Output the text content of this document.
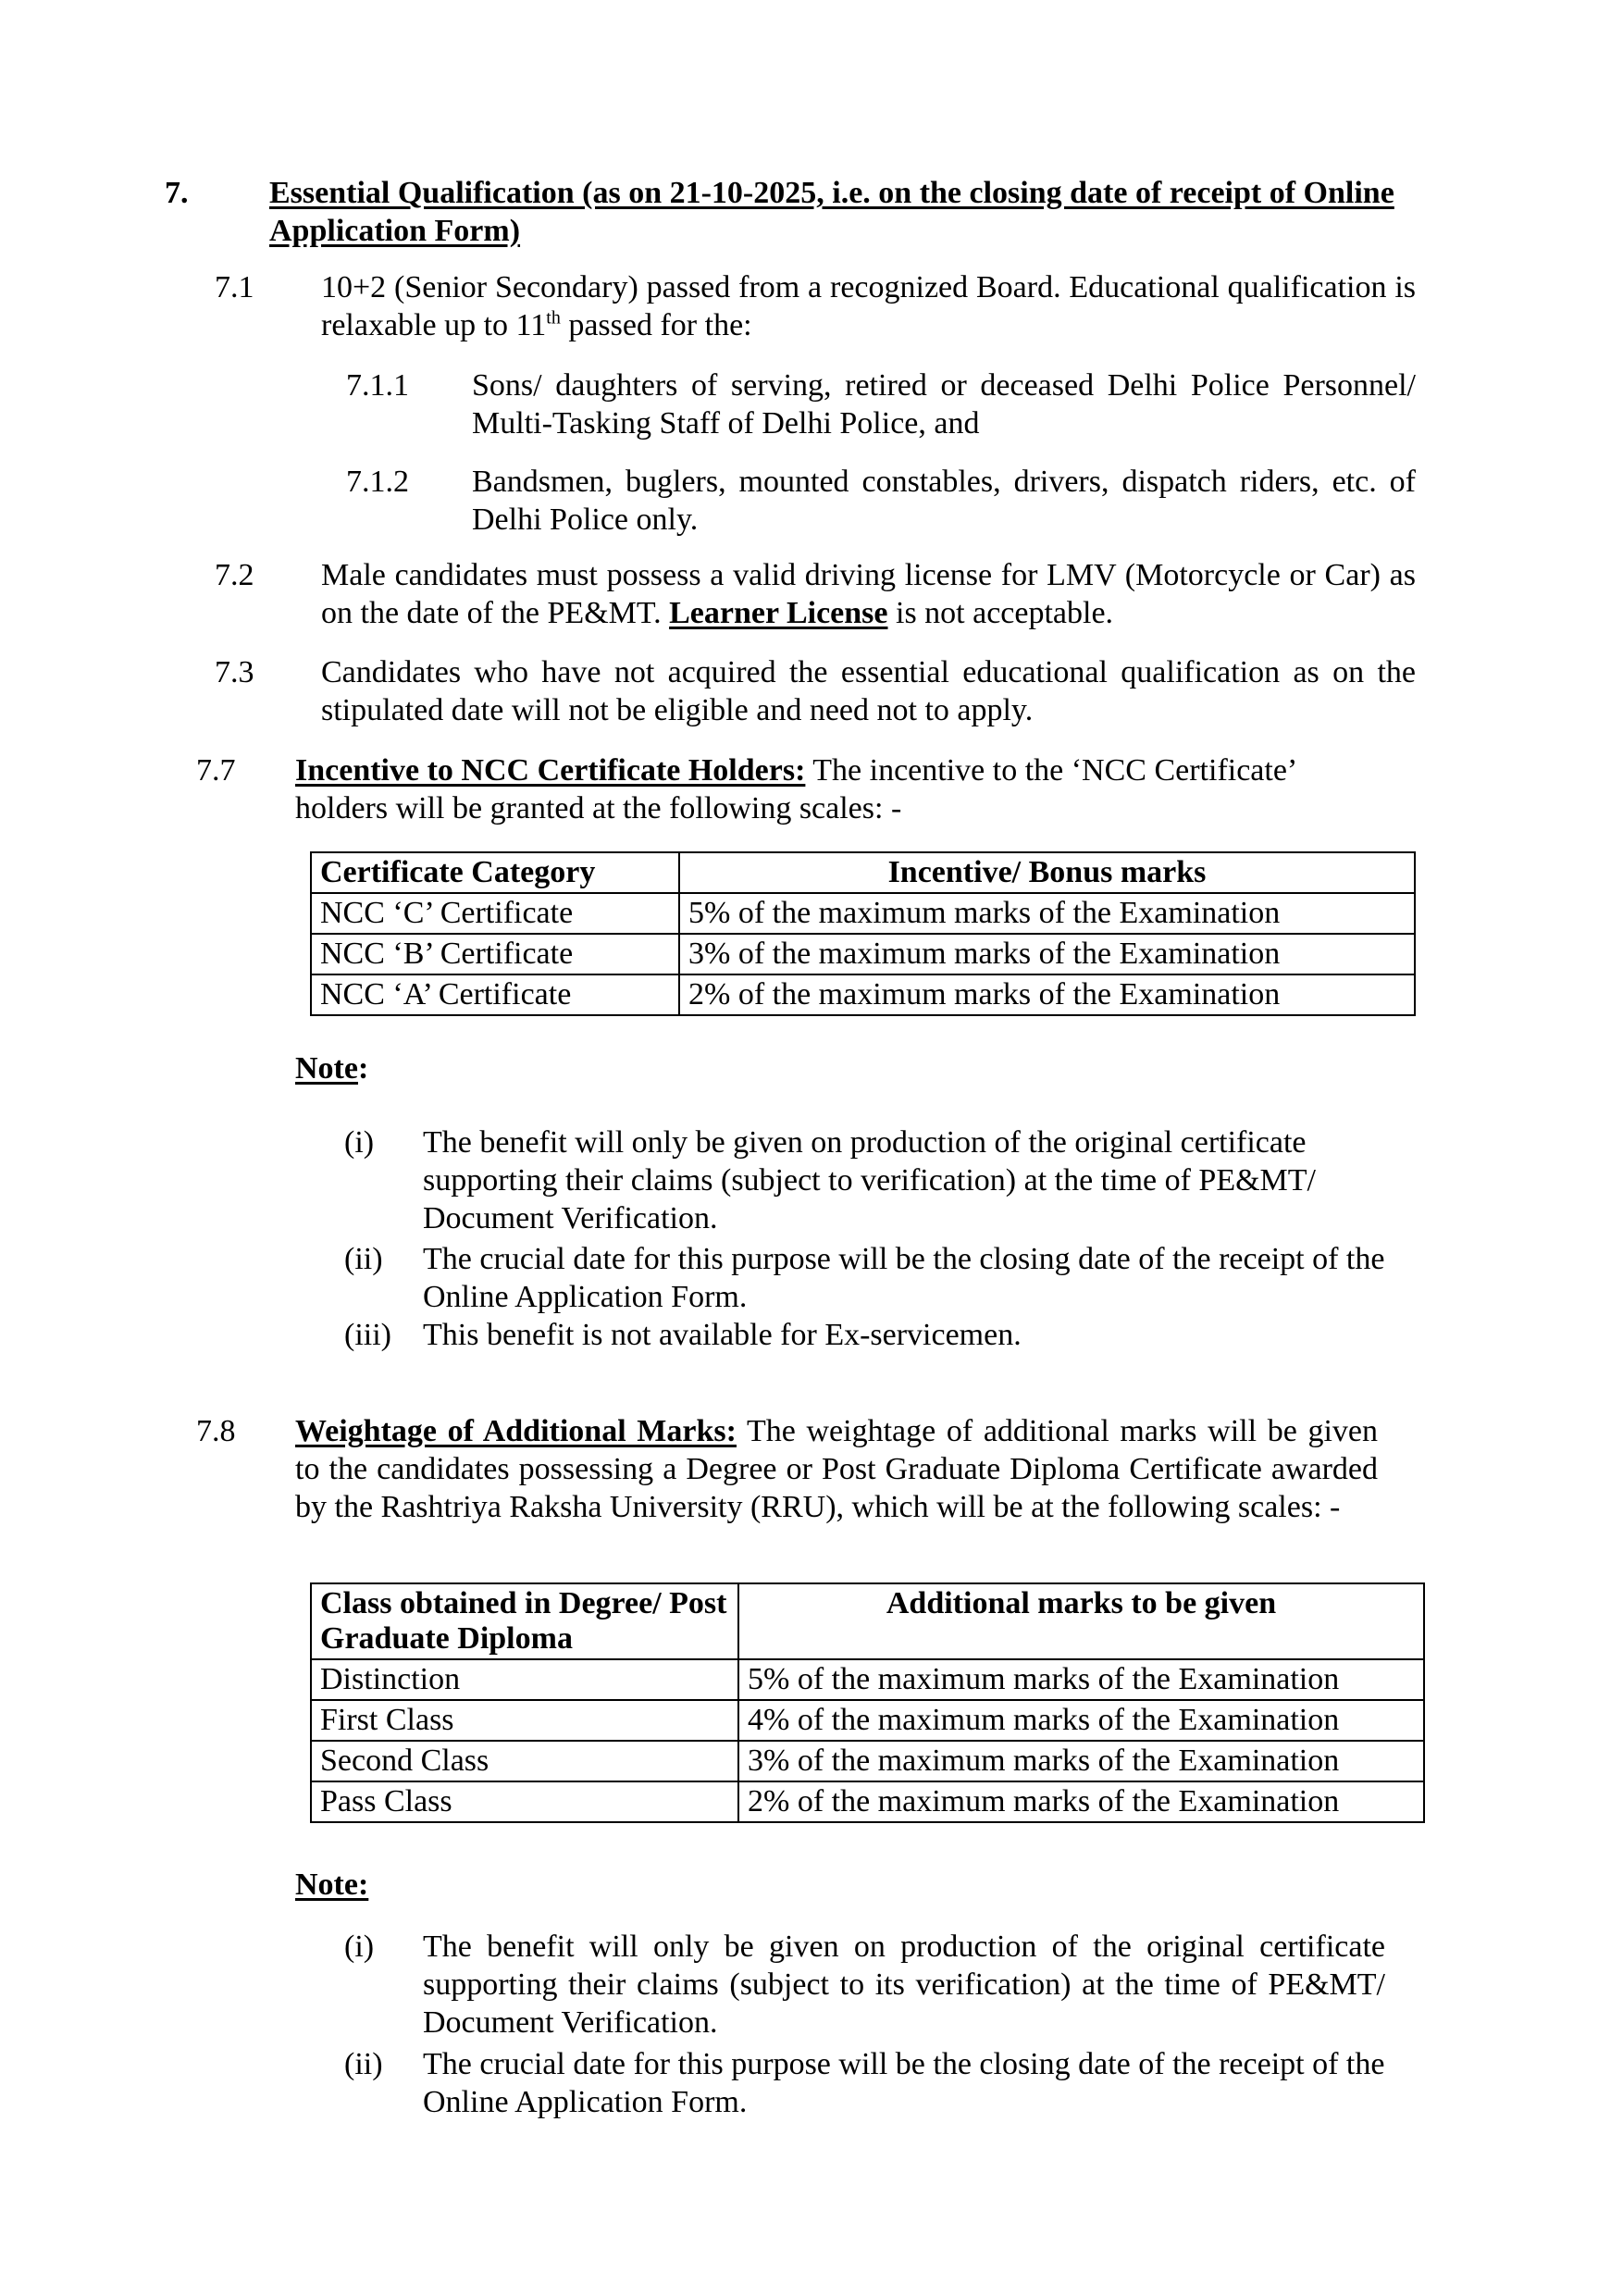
7.	Essential Qualification (as on 21-10-2025, i.e. on the closing date of receipt of Online Application Form)
7.1 10+2 (Senior Secondary) passed from a recognized Board. Educational qualification is relaxable up to 11th passed for the:
7.1.1 Sons/ daughters of serving, retired or deceased Delhi Police Personnel/ Multi-Tasking Staff of Delhi Police, and
7.1.2 Bandsmen, buglers, mounted constables, drivers, dispatch riders, etc. of Delhi Police only.
7.2 Male candidates must possess a valid driving license for LMV (Motorcycle or Car) as on the date of the PE&MT. Learner License is not acceptable.
7.3 Candidates who have not acquired the essential educational qualification as on the stipulated date will not be eligible and need not to apply.
7.7 Incentive to NCC Certificate Holders: The incentive to the ‘NCC Certificate’ holders will be granted at the following scales: -
Certificate Category	Incentive/ Bonus marks
NCC ‘C’ Certificate	5% of the maximum marks of the Examination
NCC ‘B’ Certificate	3% of the maximum marks of the Examination
NCC ‘A’ Certificate	2% of the maximum marks of the Examination
Note:
(i) The benefit will only be given on production of the original certificate supporting their claims (subject to verification) at the time of PE&MT/ Document Verification.
(ii) The crucial date for this purpose will be the closing date of the receipt of the Online Application Form.
(iii) This benefit is not available for Ex-servicemen.
7.8 Weightage of Additional Marks: The weightage of additional marks will be given to the candidates possessing a Degree or Post Graduate Diploma Certificate awarded by the Rashtriya Raksha University (RRU), which will be at the following scales: -
Class obtained in Degree/ Post Graduate Diploma	Additional marks to be given
Distinction	5% of the maximum marks of the Examination
First Class	4% of the maximum marks of the Examination
Second Class	3% of the maximum marks of the Examination
Pass Class	2% of the maximum marks of the Examination
Note:
(i) The benefit will only be given on production of the original certificate supporting their claims (subject to its verification) at the time of PE&MT/ Document Verification.
(ii) The crucial date for this purpose will be the closing date of the receipt of the Online Application Form.
